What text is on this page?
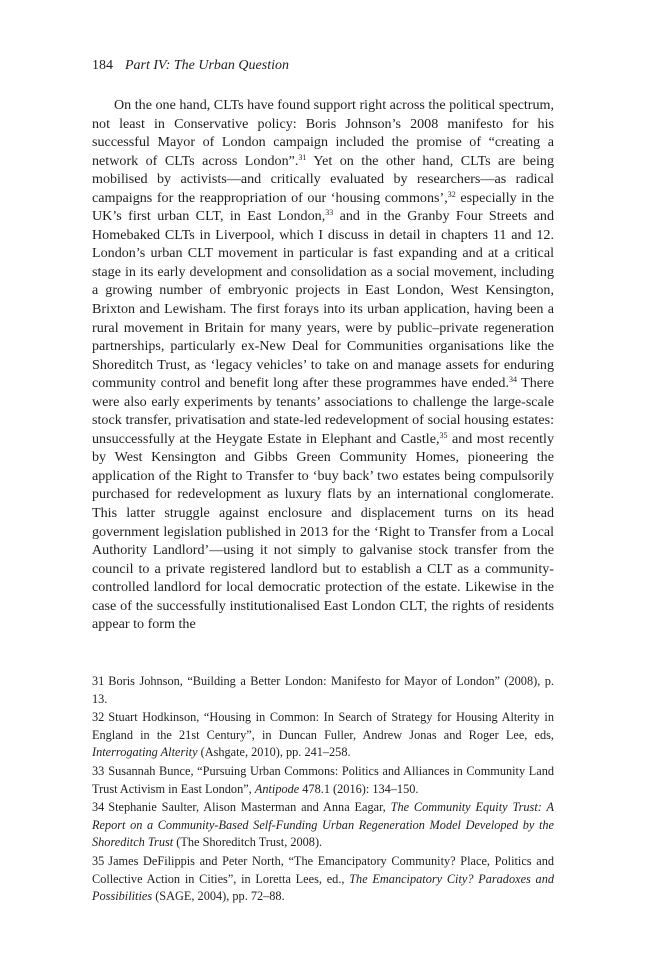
184 Part IV: The Urban Question

On the one hand, CLTs have found support right across the political spectrum, not least in Conservative policy: Boris Johnson’s 2008 manifesto for his successful Mayor of London campaign included the promise of “creating a network of CLTs across London”.$^{31}$ Yet on the other hand, CLTs are being mobilised by activists—and critically evaluated by researchers—as radical campaigns for the reappropriation of our ‘housing commons’,$^{32}$ especially in the UK’s first urban CLT, in East London,$^{33}$ and in the Granby Four Streets and Homebaked CLTs in Liverpool, which I discuss in detail in chapters 11 and 12. London’s urban CLT movement in particular is fast expanding and at a critical stage in its early development and consolidation as a social movement, including a growing number of embryonic projects in East London, West Kensington, Brixton and Lewisham. The first forays into its urban application, having been a rural movement in Britain for many years, were by public–private regeneration partnerships, particularly ex-New Deal for Communities organisations like the Shoreditch Trust, as ‘legacy vehicles’ to take on and manage assets for enduring community control and benefit long after these programmes have ended.$^{34}$ There were also early experiments by tenants’ associations to challenge the large-scale stock transfer, privatisation and state-led redevelopment of social housing estates: unsuccessfully at the Heygate Estate in Elephant and Castle,$^{35}$ and most recently by West Kensington and Gibbs Green Community Homes, pioneering the application of the Right to Transfer to ‘buy back’ two estates being compulsorily purchased for redevelopment as luxury flats by an international conglomerate. This latter struggle against enclosure and displacement turns on its head government legislation published in 2013 for the ‘Right to Transfer from a Local Authority Landlord’—using it not simply to galvanise stock transfer from the council to a private registered landlord but to establish a CLT as a community-controlled landlord for local democratic protection of the estate. Likewise in the case of the successfully institutionalised East London CLT, the rights of residents appear to form the

31 Boris Johnson, “Building a Better London: Manifesto for Mayor of London” (2008), p. 13.

32 Stuart Hodkinson, “Housing in Common: In Search of Strategy for Housing Alterity in England in the 21st Century”, in Duncan Fuller, Andrew Jonas and Roger Lee, eds, Interrogating Alterity (Ashgate, 2010), pp. 241–258.

33 Susannah Bunce, “Pursuing Urban Commons: Politics and Alliances in Community Land Trust Activism in East London”, Antipode 478.1 (2016): 134–150.

34 Stephanie Saulter, Alison Masterman and Anna Eagar, The Community Equity Trust: A Report on a Community-Based Self-Funding Urban Regeneration Model Developed by the Shoreditch Trust (The Shoreditch Trust, 2008).

35 James DeFilippis and Peter North, “The Emancipatory Community? Place, Politics and Collective Action in Cities”, in Loretta Lees, ed., The Emancipatory City? Paradoxes and Possibilities (SAGE, 2004), pp. 72–88.
